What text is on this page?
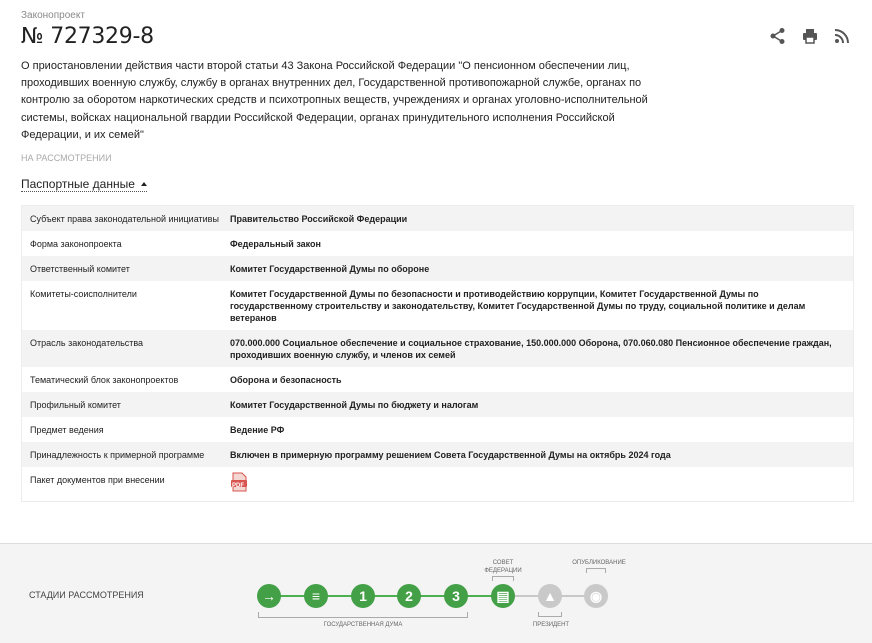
Законопроект
№ 727329-8
О приостановлении действия части второй статьи 43 Закона Российской Федерации "О пенсионном обеспечении лиц, проходивших военную службу, службу в органах внутренних дел, Государственной противопожарной службе, органах по контролю за оборотом наркотических средств и психотропных веществ, учреждениях и органах уголовно-исполнительной системы, войсках национальной гвардии Российской Федерации, органах принудительного исполнения Российской Федерации, и их семей"
НА РАССМОТРЕНИИ
Паспортные данные
Субъект права законодательной инициативы	Правительство Российской Федерации
Форма законопроекта	Федеральный закон
Ответственный комитет	Комитет Государственной Думы по обороне
Комитеты-соисполнители	Комитет Государственной Думы по безопасности и противодействию коррупции, Комитет Государственной Думы по государственному строительству и законодательству, Комитет Государственной Думы по труду, социальной политике и делам ветеранов
Отрасль законодательства	070.000.000 Социальное обеспечение и социальное страхование, 150.000.000 Оборона, 070.060.080 Пенсионное обеспечение граждан, проходивших военную службу, и членов их семей
Тематический блок законопроектов	Оборона и безопасность
Профильный комитет	Комитет Государственной Думы по бюджету и налогам
Предмет ведения	Ведение РФ
Принадлежность к примерной программе	Включен в примерную программу решением Совета Государственной Думы на октябрь 2024 года
Пакет документов при внесении
PDF
СТАДИИ РАССМОТРЕНИЯ	→	≡	1	2	3	▤	▲	◉
ГОСУДАРСТВЕННАЯ ДУМА
СОВЕТ ФЕДЕРАЦИИ
ПРЕЗИДЕНТ
ОПУБЛИКОВАНИЕ
